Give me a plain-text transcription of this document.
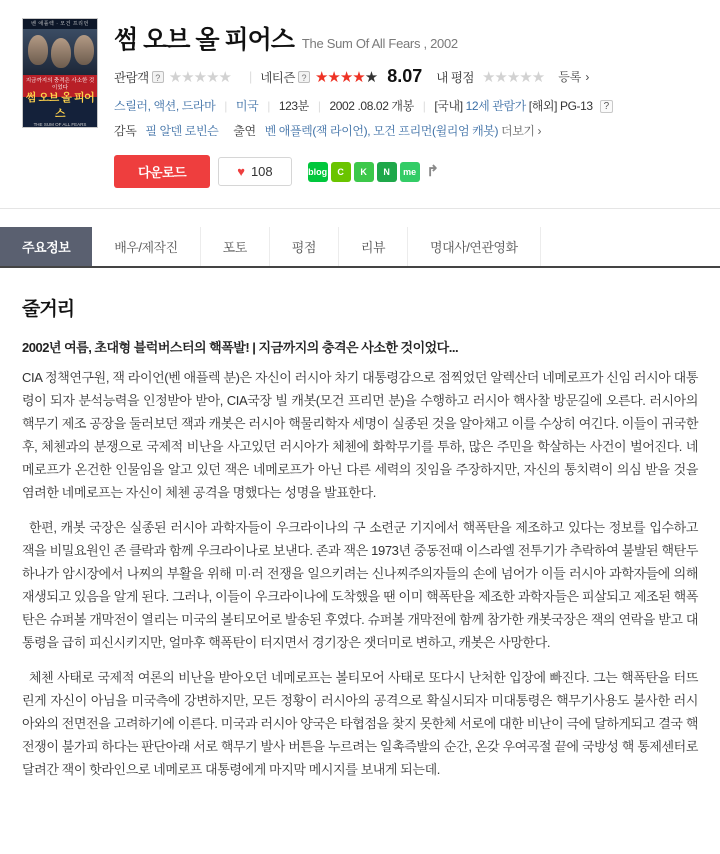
벤 애플렉 · 모건 프리먼
지금까지의 충격은 사소한 것이었다
썸 오브 올 피어스
THE SUM OF ALL FEARS
썸 오브 올 피어스 The Sum Of All Fears , 2002
관람객 ? ★★★★★ | 네티즌 ? ★★★★ ★ 8.07 내 평점 ★★★★★ 등록 ›
스릴러, 액션, 드라마 | 미국 | 123분 | 2002 .08.02 개봉 | [국내] 12세 관람가 [해외] PG-13 ?
감독 필 알덴 로빈슨 출연 벤 애플렉(잭 라이언), 모건 프리먼(윌리엄 캐봇) 더보기 ›
다운로드	♥ 108	blog	C	K	N	me ↱
주요정보	배우/제작진	포토	평점	리뷰	명대사/연관영화
줄거리

2002년 여름, 초대형 블럭버스터의 핵폭발! | 지금까지의 충격은 사소한 것이었다...

CIA 정책연구원, 잭 라이언(벤 애플렉 분)은 자신이 러시아 차기 대통령감으로 점찍었던 알렉산더 네메로프가 신임 러시아 대통령이 되자 분석능력을 인정받아 받아, CIA국장 빌 캐봇(모건 프리먼 분)을 수행하고 러시아 핵사찰 방문길에 오른다. 러시아의 핵무기 제조 공장을 둘러보던 잭과 캐봇은 러시아 핵물리학자 세명이 실종된 것을 알아채고 이를 수상히 여긴다. 이들이 귀국한 후, 체첸과의 분쟁으로 국제적 비난을 사고있던 러시아가 체첸에 화학무기를 투하, 많은 주민을 학살하는 사건이 벌어진다. 네메로프가 온건한 인물임을 알고 있던 잭은 네메로프가 아닌 다른 세력의 짓임을 주장하지만, 자신의 통치력이 의심 받을 것을 염려한 네메로프는 자신이 체첸 공격을 명했다는 성명을 발표한다.

한편, 캐봇 국장은 실종된 러시아 과학자들이 우크라이나의 구 소련군 기지에서 핵폭탄을 제조하고 있다는 정보를 입수하고 잭을 비밀요원인 존 클락과 함께 우크라이나로 보낸다. 존과 잭은 1973년 중동전때 이스라엘 전투기가 추락하여 불발된 핵탄두 하나가 암시장에서 나찌의 부활을 위해 미·러 전쟁을 일으키려는 신나찌주의자들의 손에 넘어가 이들 러시아 과학자들에 의해 재생되고 있음을 알게 된다. 그러나, 이들이 우크라이나에 도착했을 땐 이미 핵폭탄을 제조한 과학자들은 피살되고 제조된 핵폭탄은 슈퍼볼 개막전이 열리는 미국의 볼티모어로 발송된 후였다. 슈퍼볼 개막전에 함께 참가한 캐봇국장은 잭의 연락을 받고 대통령을 급히 피신시키지만, 얼마후 핵폭탄이 터지면서 경기장은 잿더미로 변하고, 캐봇은 사망한다.

체첸 사태로 국제적 여론의 비난을 받아오던 네메로프는 볼티모어 사태로 또다시 난처한 입장에 빠진다. 그는 핵폭탄을 터뜨린게 자신이 아님을 미국측에 강변하지만, 모든 정황이 러시아의 공격으로 확실시되자 미대통령은 핵무기사용도 불사한 러시아와의 전면전을 고려하기에 이른다. 미국과 러시아 양국은 타협점을 찾지 못한체 서로에 대한 비난이 극에 달하게되고 결국 핵전쟁이 불가피 하다는 판단아래 서로 핵무기 발사 버튼을 누르려는 일촉즉발의 순간, 온갖 우여곡절 끝에 국방성 핵 통제센터로 달려간 잭이 핫라인으로 네메로프 대통령에게 마지막 메시지를 보내게 되는데.
